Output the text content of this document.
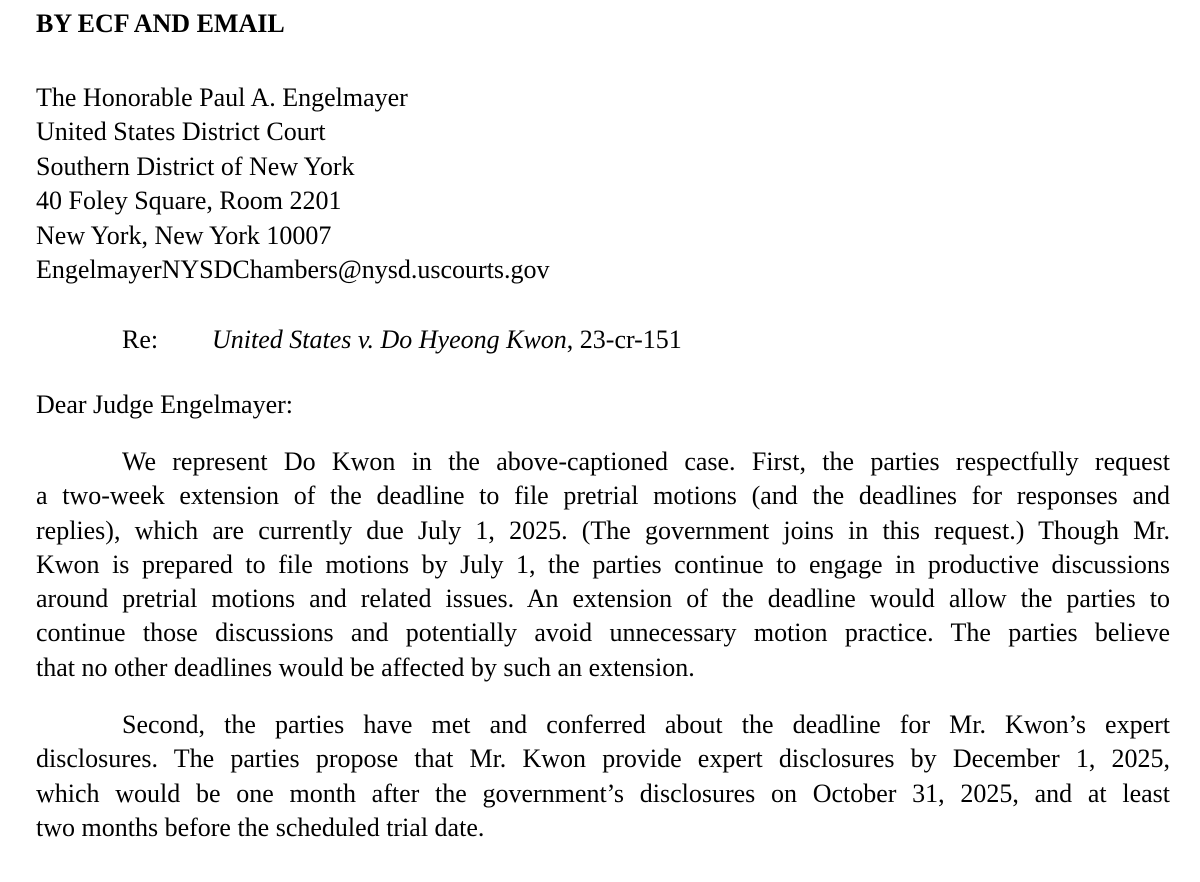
BY ECF AND EMAIL
The Honorable Paul A. Engelmayer
United States District Court
Southern District of New York
40 Foley Square, Room 2201
New York, New York 10007
EngelmayerNYSDChambers@nysd.uscourts.gov
Re: United States v. Do Hyeong Kwon, 23-cr-151
Dear Judge Engelmayer:
We represent Do Kwon in the above-captioned case. First, the parties respectfully request
a two-week extension of the deadline to file pretrial motions (and the deadlines for responses and
replies), which are currently due July 1, 2025. (The government joins in this request.) Though Mr.
Kwon is prepared to file motions by July 1, the parties continue to engage in productive discussions
around pretrial motions and related issues. An extension of the deadline would allow the parties to
continue those discussions and potentially avoid unnecessary motion practice. The parties believe
that no other deadlines would be affected by such an extension.
Second, the parties have met and conferred about the deadline for Mr. Kwon’s expert
disclosures. The parties propose that Mr. Kwon provide expert disclosures by December 1, 2025,
which would be one month after the government’s disclosures on October 31, 2025, and at least
two months before the scheduled trial date.
